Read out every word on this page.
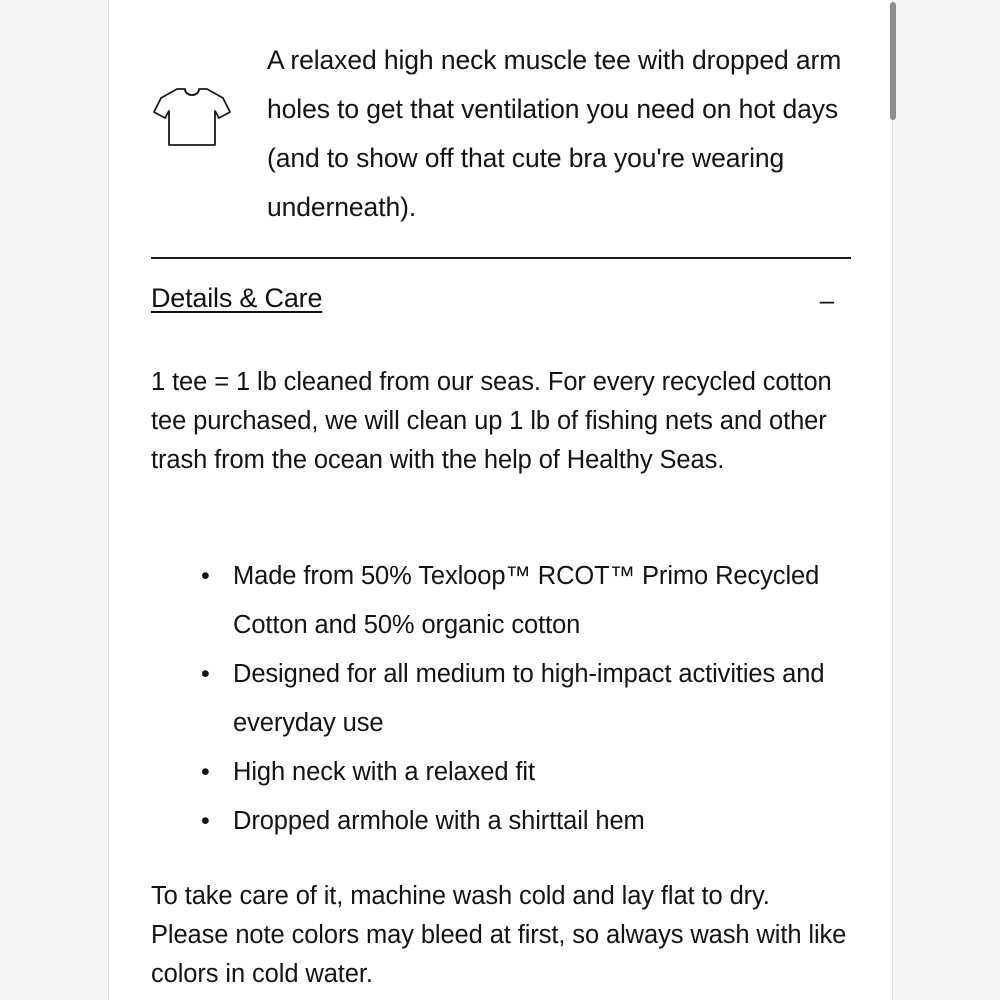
A relaxed high neck muscle tee with dropped arm holes to get that ventilation you need on hot days (and to show off that cute bra you're wearing underneath).
Details & Care	–
1 tee = 1 lb cleaned from our seas. For every recycled cotton tee purchased, we will clean up 1 lb of fishing nets and other trash from the ocean with the help of Healthy Seas.
• Made from 50% Texloop™ RCOT™ Primo Recycled Cotton and 50% organic cotton
• Designed for all medium to high-impact activities and everyday use
• High neck with a relaxed fit
• Dropped armhole with a shirttail hem
To take care of it, machine wash cold and lay flat to dry. Please note colors may bleed at first, so always wash with like colors in cold water.
